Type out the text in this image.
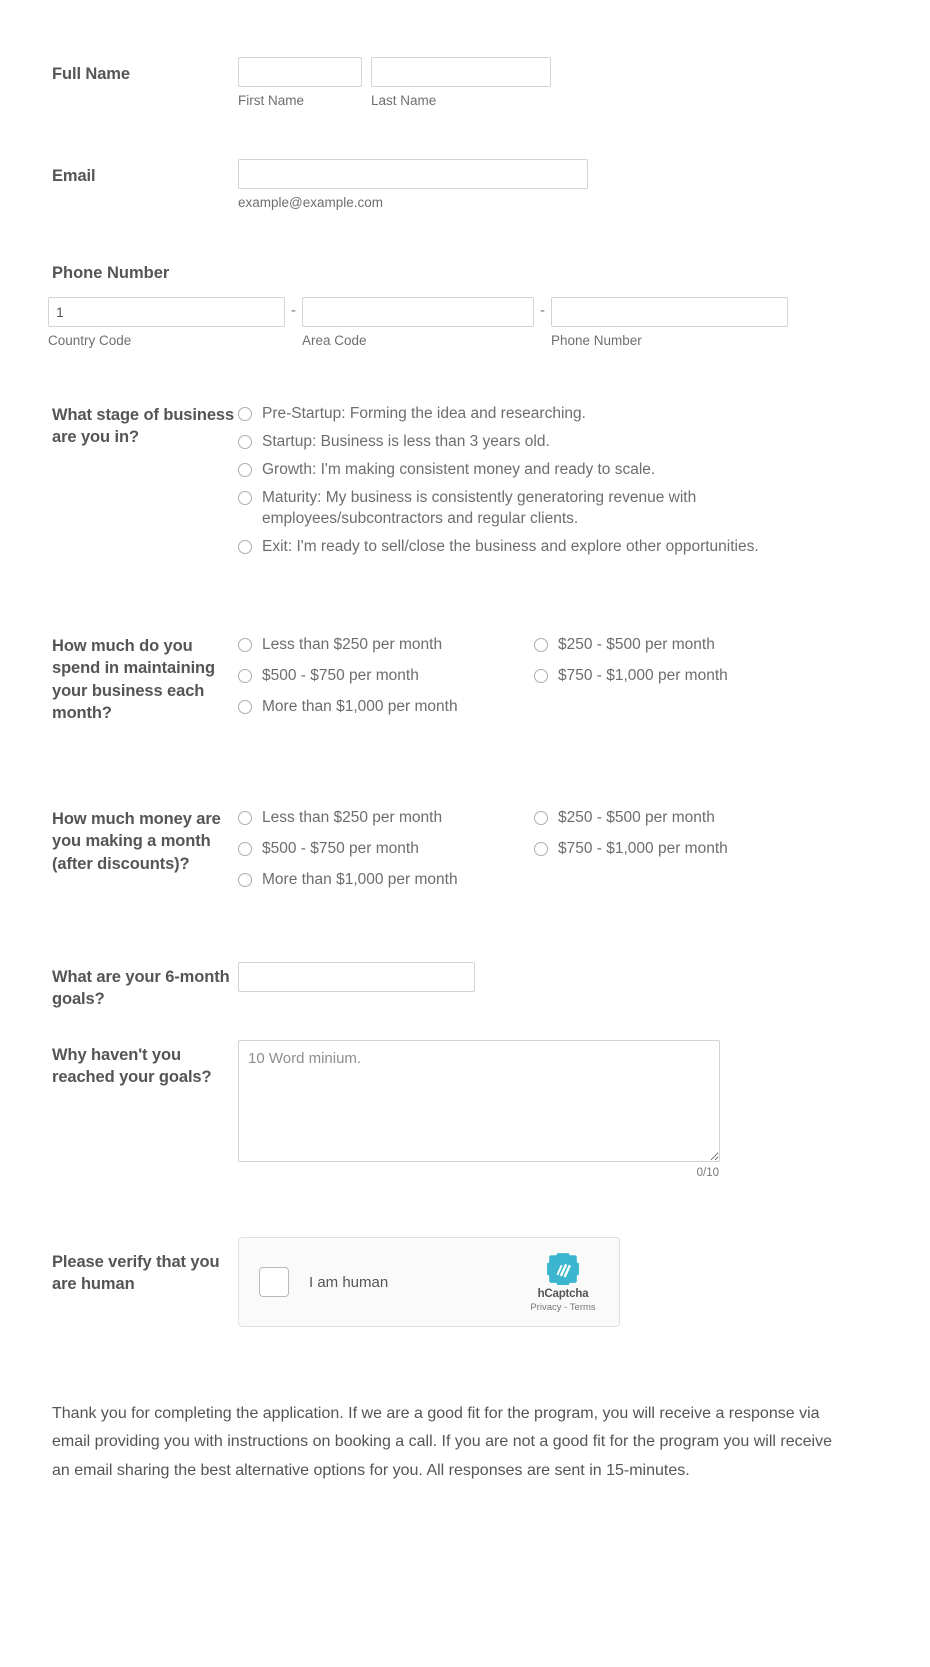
Full Name
First Name	Last Name
Email
example@example.com
Phone Number
1
Country Code
-
Area Code
-
Phone Number
What stage of business are you in?
Pre-Startup: Forming the idea and researching.
Startup: Business is less than 3 years old.
Growth: I'm making consistent money and ready to scale.
Maturity: My business is consistently generatoring revenue with employees/subcontractors and regular clients.
Exit: I'm ready to sell/close the business and explore other opportunities.
How much do you spend in maintaining your business each month?
Less than $250 per month	$250 - $500 per month
$500 - $750 per month	$750 - $1,000 per month
More than $1,000 per month
How much money are you making a month (after discounts)?
Less than $250 per month	$250 - $500 per month
$500 - $750 per month	$750 - $1,000 per month
More than $1,000 per month
What are your 6-month goals?
Why haven't you reached your goals?
10 Word minium.
0/10
Please verify that you are human	I am human
hCaptcha
Privacy - Terms
Thank you for completing the application. If we are a good fit for the program, you will receive a response via email providing you with instructions on booking a call. If you are not a good fit for the program you will receive an email sharing the best alternative options for you. All responses are sent in 15-minutes.
